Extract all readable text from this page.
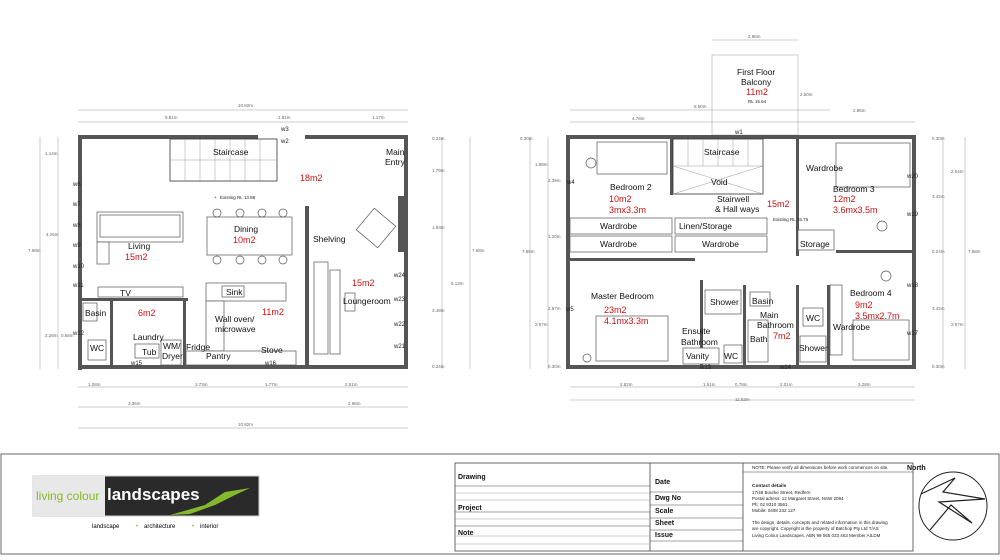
10.82m
5.81m	1.82m	1.17m
0.24m
1.14m
7.68m
4.26m
2.28m 0.68m
1.79m
1.93m
5.13m
3.48m
0.24m
7.68m
1.28m	2.73m	1.77m	2.51m
3.36m	2.96m
10.82m
Staircase
w3
w2
Main
Entry
18m2
Existing RL 13.88
+
Living
15m2
Dining
10m2	Shelving
15m2
Loungeroom
w24
w23
w22
w21
w6
w7
w8
w9
w10
w11
w12
TV	Sink
Wall oven/
microwave
11m2
Fridge
Pantry
Stove
Basin	6m2
Laundry
Tub
WM/
Dryer
WC
w15	w16
2.96m
2.50m
First Floor
Balcony
11m2
RL 15.64
8.50m
4.78m
2.96m
0.30m
1.98m
2.39m
1.20m
7.68m
2.57m
2.57m
0.30m
0.30m
2.04m
3.42m
0.24m	7.68m
3.42m
2.57m
0.30m
2.82m	1.51m	0.78m	2.01m	3.28m
11.52m
Staircase
Void
w1
Bedroom 2
10m2
3mx3.3m
w4
Stairwell
& Hall ways 15m2
Existing RL 15.75
Wardrobe
Wardrobe
Linen/Storage
Wardrobe
Wardrobe
Bedroom 3
12m2
3.6mx3.5m
Storage
w20
w19
Master Bedroom
23m2
4.1mx3.3m
w5
Shower
Ensuite
Bathroom
Vanity WC
Basin
Main
Bathroom
7m2
Bath
WC
Shower
w13	w14
Bedroom 4
9m2
3.5mx2.7m
Wardrobe
w18
w17
living colour landscapes
landscape	• architecture	• interior
Drawing
Project
Note
Date
Dwg No
Scale
Sheet
Issue
NOTE: Please verify all dimensions before work commences on site.	North
Contact details
17/48 Bourke Street, Redfern
Postal adress: 12 Margaret Street, NSW 2094
Ph: 02 9310 3561
Mobile: 0408 232 127
The design, details, concepts and related information in this drawing
are copyright. Copyright is the property of Batchop Pty Ltd T/AS
Living Colour Landscapes. ABN 99 065 033 463 Member AILDM
